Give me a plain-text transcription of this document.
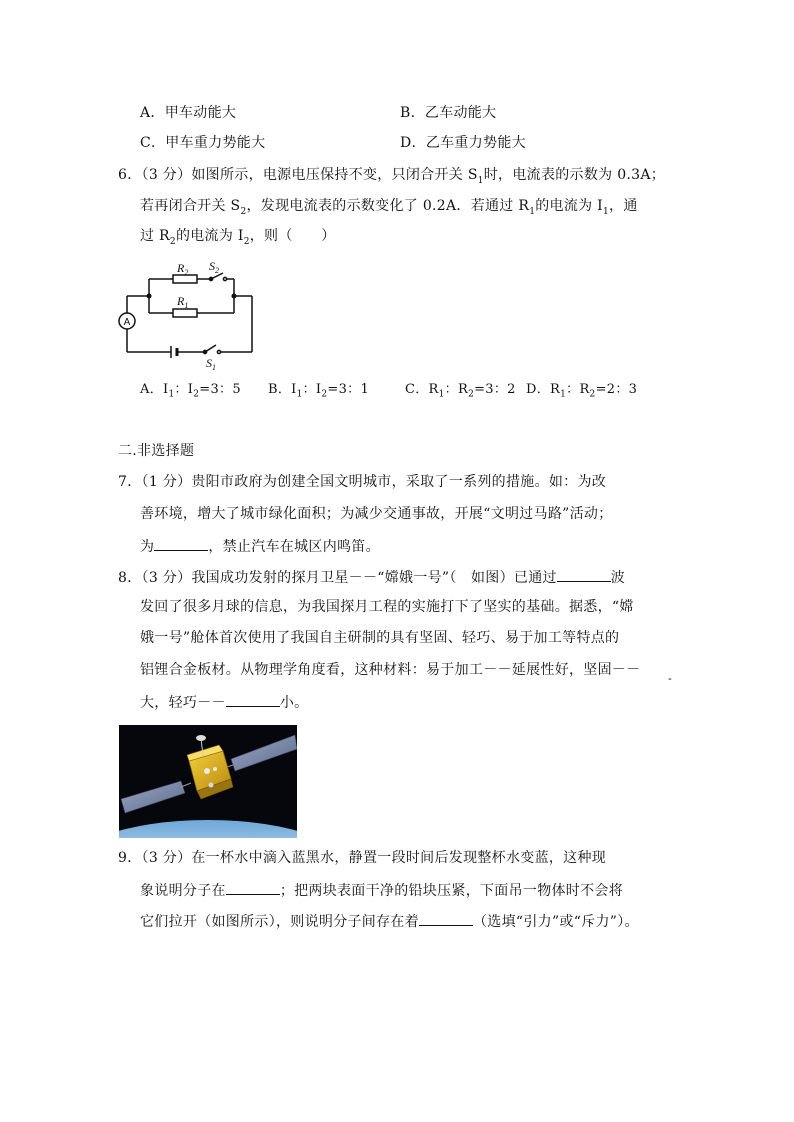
A．甲车动能大	B．乙车动能大
C．甲车重力势能大	D．乙车重力势能大
6．（3 分）如图所示，电源电压保持不变，只闭合开关 $S_1$时，电流表的示数为 0.3A；
若再闭合开关 $S_2$，发现电流表的示数变化了 0.2A．若通过 $R_1$的电流为 $I_1$，通
过 $R_2$的电流为 $I_2$，则（　　）
$R_2$ $S_2$
$R_1$
$S_1$
A
A．$I_1$：$I_2=3$：5 B．$I_1$：$I_2=3$：1	C．$R_1$：$R_2=3$：2 D．$R_1$：$R_2=2$：3
二.非选择题
7．（1 分）贵阳市政府为创建全国文明城市，采取了一系列的措施。如：为改
善环境，增大了城市绿化面积；为减少交通事故，开展“文明过马路”活动；
为	，禁止汽车在城区内鸣笛。
8．（3 分）我国成功发射的探月卫星－－“嫦娥一号”（　如图）已通过	波
发回了很多月球的信息，为我国探月工程的实施打下了坚实的基础。据悉，“嫦
娥一号”舱体首次使用了我国自主研制的具有坚固、轻巧、易于加工等特点的
铝锂合金板材。从物理学角度看，这种材料：易于加工－－延展性好，坚固－－
-
大，轻巧－－	小。
9．（3 分）在一杯水中滴入蓝黑水，静置一段时间后发现整杯水变蓝，这种现
象说明分子在	；把两块表面干净的铅块压紧，下面吊一物体时不会将
它们拉开（如图所示），则说明分子间存在着	（选填“引力”或“斥力”）。
